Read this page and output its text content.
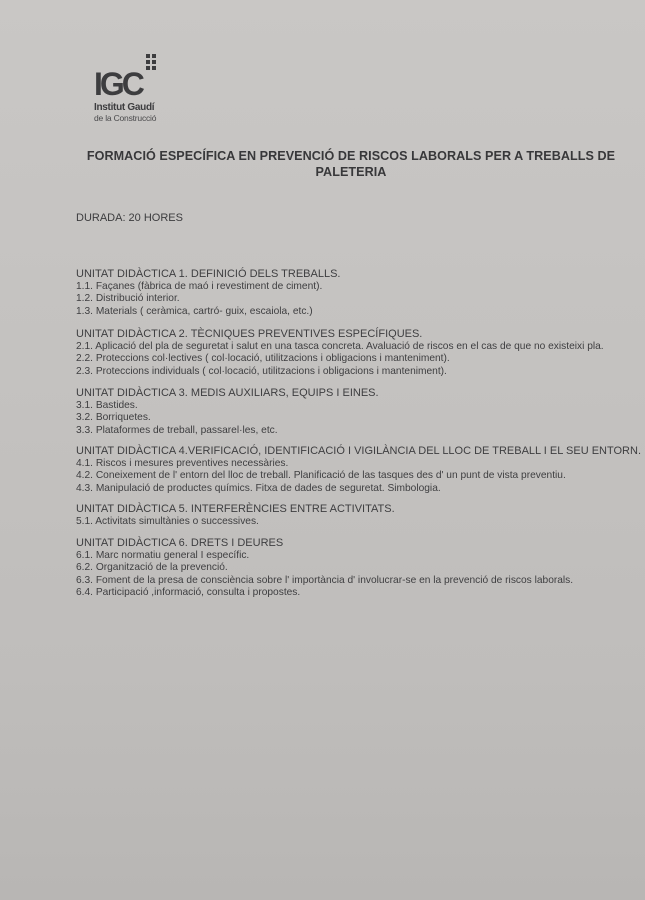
IGC
Institut Gaudí
de la Construcció
FORMACIÓ ESPECÍFICA EN PREVENCIÓ DE RISCOS LABORALS PER A TREBALLS DE PALETERIA
DURADA: 20 HORES
UNITAT DIDÀCTICA 1. DEFINICIÓ DELS TREBALLS.
1.1. Façanes (fàbrica de maó i revestiment de ciment).
1.2. Distribució interior.
1.3. Materials ( ceràmica, cartró- guix, escaiola, etc.)
UNITAT DIDÀCTICA 2. TÈCNIQUES PREVENTIVES ESPECÍFIQUES.
2.1. Aplicació del pla de seguretat i salut en una tasca concreta. Avaluació de riscos en el cas de que no existeixi pla.
2.2. Proteccions col·lectives ( col·locació, utilitzacions i obligacions i manteniment).
2.3. Proteccions individuals ( col·locació, utilitzacions i obligacions i manteniment).
UNITAT DIDÀCTICA 3. MEDIS AUXILIARS, EQUIPS I EINES.
3.1. Bastides.
3.2. Borriquetes.
3.3. Plataformes de treball, passarel·les, etc.
UNITAT DIDÀCTICA 4.VERIFICACIÓ, IDENTIFICACIÓ I VIGILÀNCIA DEL LLOC DE TREBALL I EL SEU ENTORN.
4.1. Riscos i mesures preventives necessàries.
4.2. Coneixement de l' entorn del lloc de treball. Planificació de las tasques des d' un punt de vista preventiu.
4.3. Manipulació de productes químics. Fitxa de dades de seguretat. Simbologia.
UNITAT DIDÀCTICA 5. INTERFERÈNCIES ENTRE ACTIVITATS.
5.1. Activitats simultànies o successives.
UNITAT DIDÀCTICA 6. DRETS I DEURES
6.1. Marc normatiu general I específic.
6.2. Organització de la prevenció.
6.3. Foment de la presa de consciència sobre l' importància d' involucrar-se en la prevenció de riscos laborals.
6.4. Participació ,informació, consulta i propostes.
